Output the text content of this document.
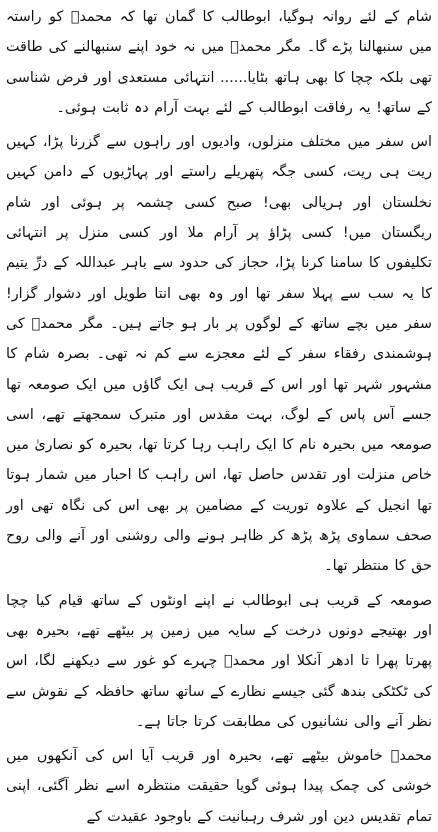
شام کے لئے روانہ ہوگیا، ابوطالب کا گمان تھا کہ محمدؐ کو راستہ میں سنبھالنا پڑے گا۔ مگر محمدؐ میں نہ خود اپنے سنبھالنے کی طاقت تھی بلکہ چچا کا بھی ہاتھ بٹایا...... انتہائی مستعدی اور فرض شناسی کے ساتھ! یہ رفاقت ابوطالب کے لئے بہت آرام دہ ثابت ہوئی۔

اس سفر میں مختلف منزلوں، وادیوں اور راہوں سے گزرنا پڑا، کہیں ریت ہی ریت، کسی جگہ پتھریلے راستے اور پہاڑیوں کے دامن کہیں نخلستان اور ہریالی بھی! صبح کسی چشمہ پر ہوئی اور شام ریگستان میں! کسی پڑاؤ پر آرام ملا اور کسی منزل پر انتہائی تکلیفوں کا سامنا کرنا پڑا، حجاز کی حدود سے باہر عبداللہ کے درِّ یتیم کا یہ سب سے پہلا سفر تھا اور وہ بھی انتا طویل اور دشوار گزار! سفر میں بچے ساتھ کے لوگوں پر بار ہو جاتے ہیں۔ مگر محمدؐ کی ہوشمندی رفقاء سفر کے لئے معجزے سے کم نہ تھی۔ بصرہ شام کا مشہور شہر تھا اور اس کے قریب ہی ایک گاؤں میں ایک صومعہ تھا جسے آس پاس کے لوگ، بہت مقدس اور متبرک سمجھتے تھے، اسی صومعہ میں بحیرہ نام کا ایک راہب رہا کرتا تھا، بحیرہ کو نصاریٰ میں خاص منزلت اور تقدس حاصل تھا، اس راہب کا احبار میں شمار ہوتا تھا انجیل کے علاوہ توریت کے مضامین پر بھی اس کی نگاہ تھی اور صحف سماوی پڑھ پڑھ کر ظاہر ہونے والی روشنی اور آنے والی روح حق کا منتظر تھا۔

صومعہ کے قریب ہی ابوطالب نے اپنے اونٹوں کے ساتھ قیام کیا چچا اور بھتیجے دونوں درخت کے سایہ میں زمین پر بیٹھے تھے، بحیرہ بھی پھرتا پھرا تا ادھر آنکلا اور محمدؐ چہرے کو غور سے دیکھنے لگا، اس کی ٹکٹکی بندھ گئی جیسے نظارے کے ساتھ ساتھ حافظہ کے نقوش سے نظر آنے والی نشانیوں کی مطابقت کرتا جاتا ہے۔

محمدؐ خاموش بیٹھے تھے، بحیرہ اور قریب آیا اس کی آنکھوں میں خوشی کی چمک پیدا ہوئی گویا حقیقت منتظرہ اسے نظر آگئی، اپنی تمام تقدیس دین اور شرف رہبانیت کے باوجود عقیدت کے
